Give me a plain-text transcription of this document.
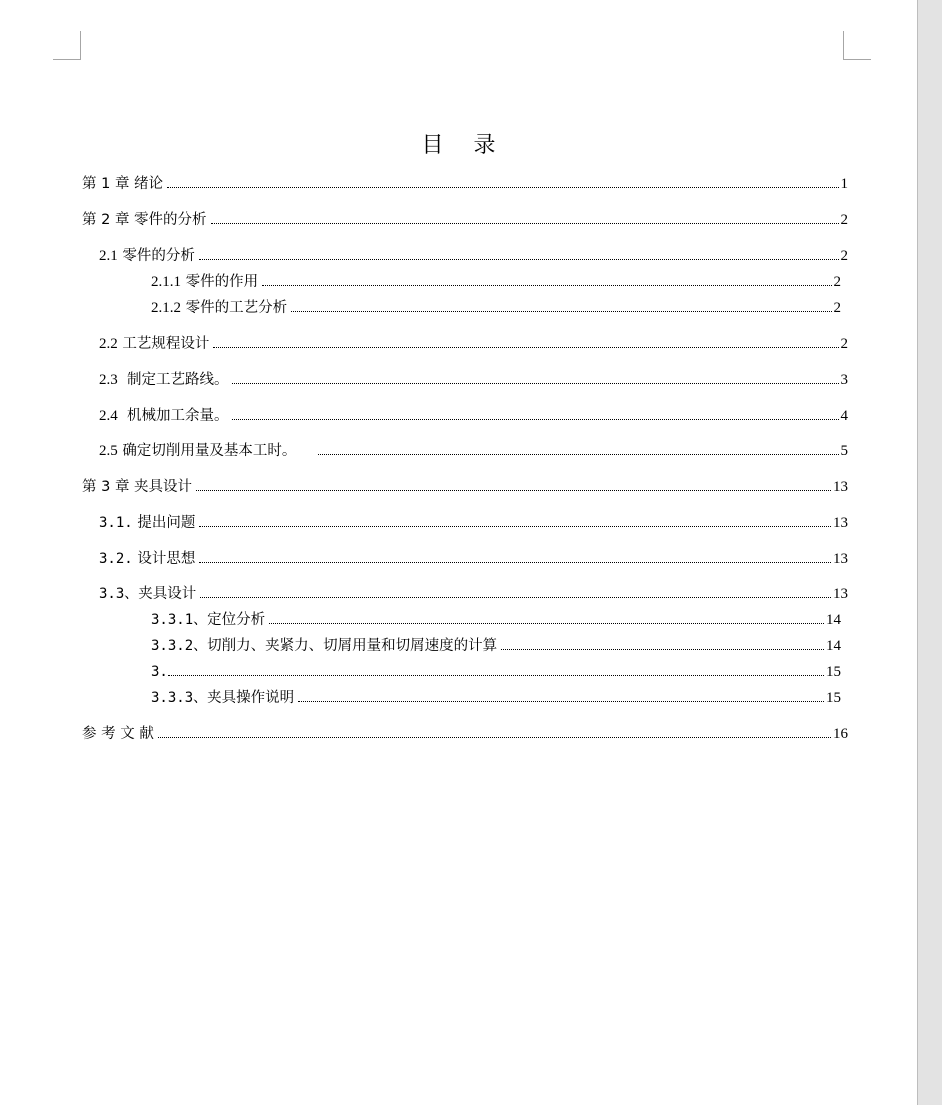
目录
第 1 章 绪论	1
第 2 章 零件的分析	2
2.1 零件的分析	2
2.1.1 零件的作用	2
2.1.2 零件的工艺分析	2
2.2 工艺规程设计	2
2.3 制定工艺路线。	3
2.4 机械加工余量。	4
2.5 确定切削用量及基本工时。	5
第 3 章 夹具设计	13
3.1. 提出问题	13
3.2. 设计思想	13
3.3、 夹具设计	13
3.3.1、 定位分析	14
3.3.2、 切削力、夹紧力、切屑用量和切屑速度的计算	14
3.	15
3.3.3、 夹具操作说明	15
参 考 文 献	16
